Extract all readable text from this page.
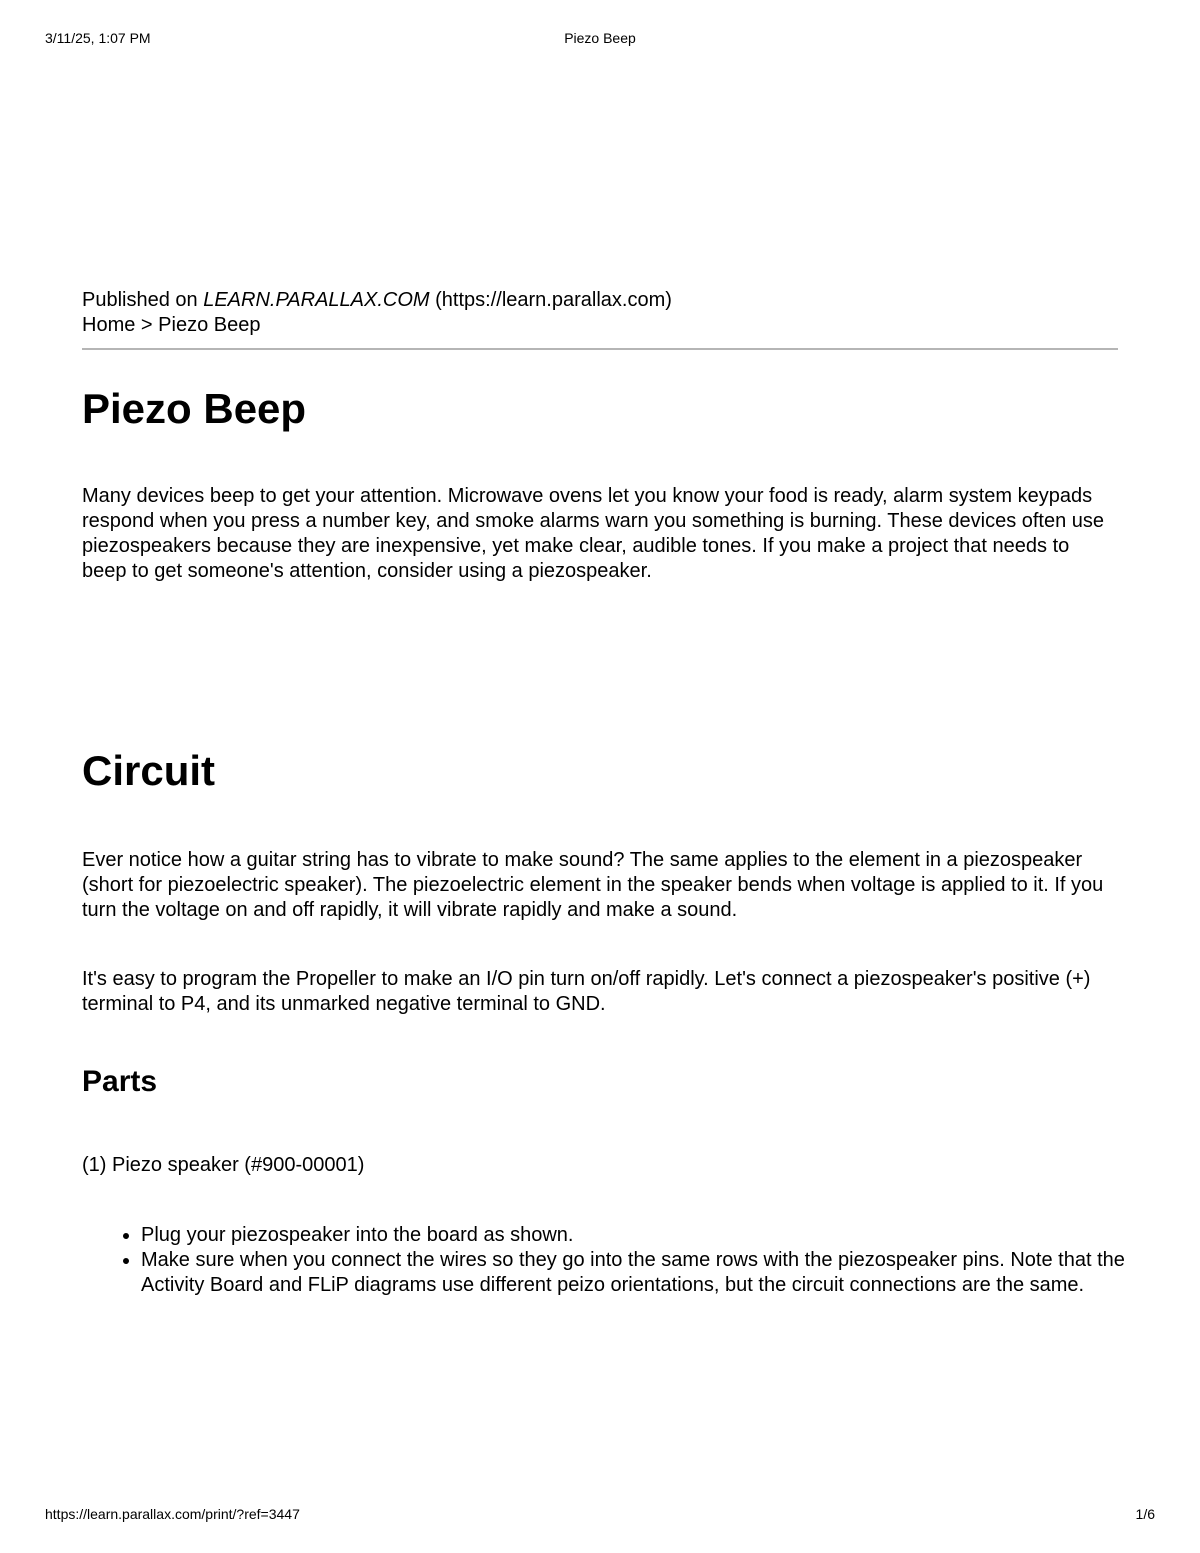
3/11/25, 1:07 PM	Piezo Beep
Published on LEARN.PARALLAX.COM (https://learn.parallax.com)
Home > Piezo Beep
Piezo Beep

Many devices beep to get your attention. Microwave ovens let you know your food is ready, alarm system keypads respond when you press a number key, and smoke alarms warn you something is burning. These devices often use piezospeakers because they are inexpensive, yet make clear, audible tones. If you make a project that needs to beep to get someone's attention, consider using a piezospeaker.

Circuit

Ever notice how a guitar string has to vibrate to make sound? The same applies to the element in a piezospeaker (short for piezoelectric speaker). The piezoelectric element in the speaker bends when voltage is applied to it. If you turn the voltage on and off rapidly, it will vibrate rapidly and make a sound.

It's easy to program the Propeller to make an I/O pin turn on/off rapidly. Let's connect a piezospeaker's positive (+) terminal to P4, and its unmarked negative terminal to GND.

Parts

(1) Piezo speaker (#900-00001)

• Plug your piezospeaker into the board as shown.
• Make sure when you connect the wires so they go into the same rows with the piezospeaker pins. Note that the Activity Board and FLiP diagrams use different peizo orientations, but the circuit connections are the same.
https://learn.parallax.com/print/?ref=3447	1/6
